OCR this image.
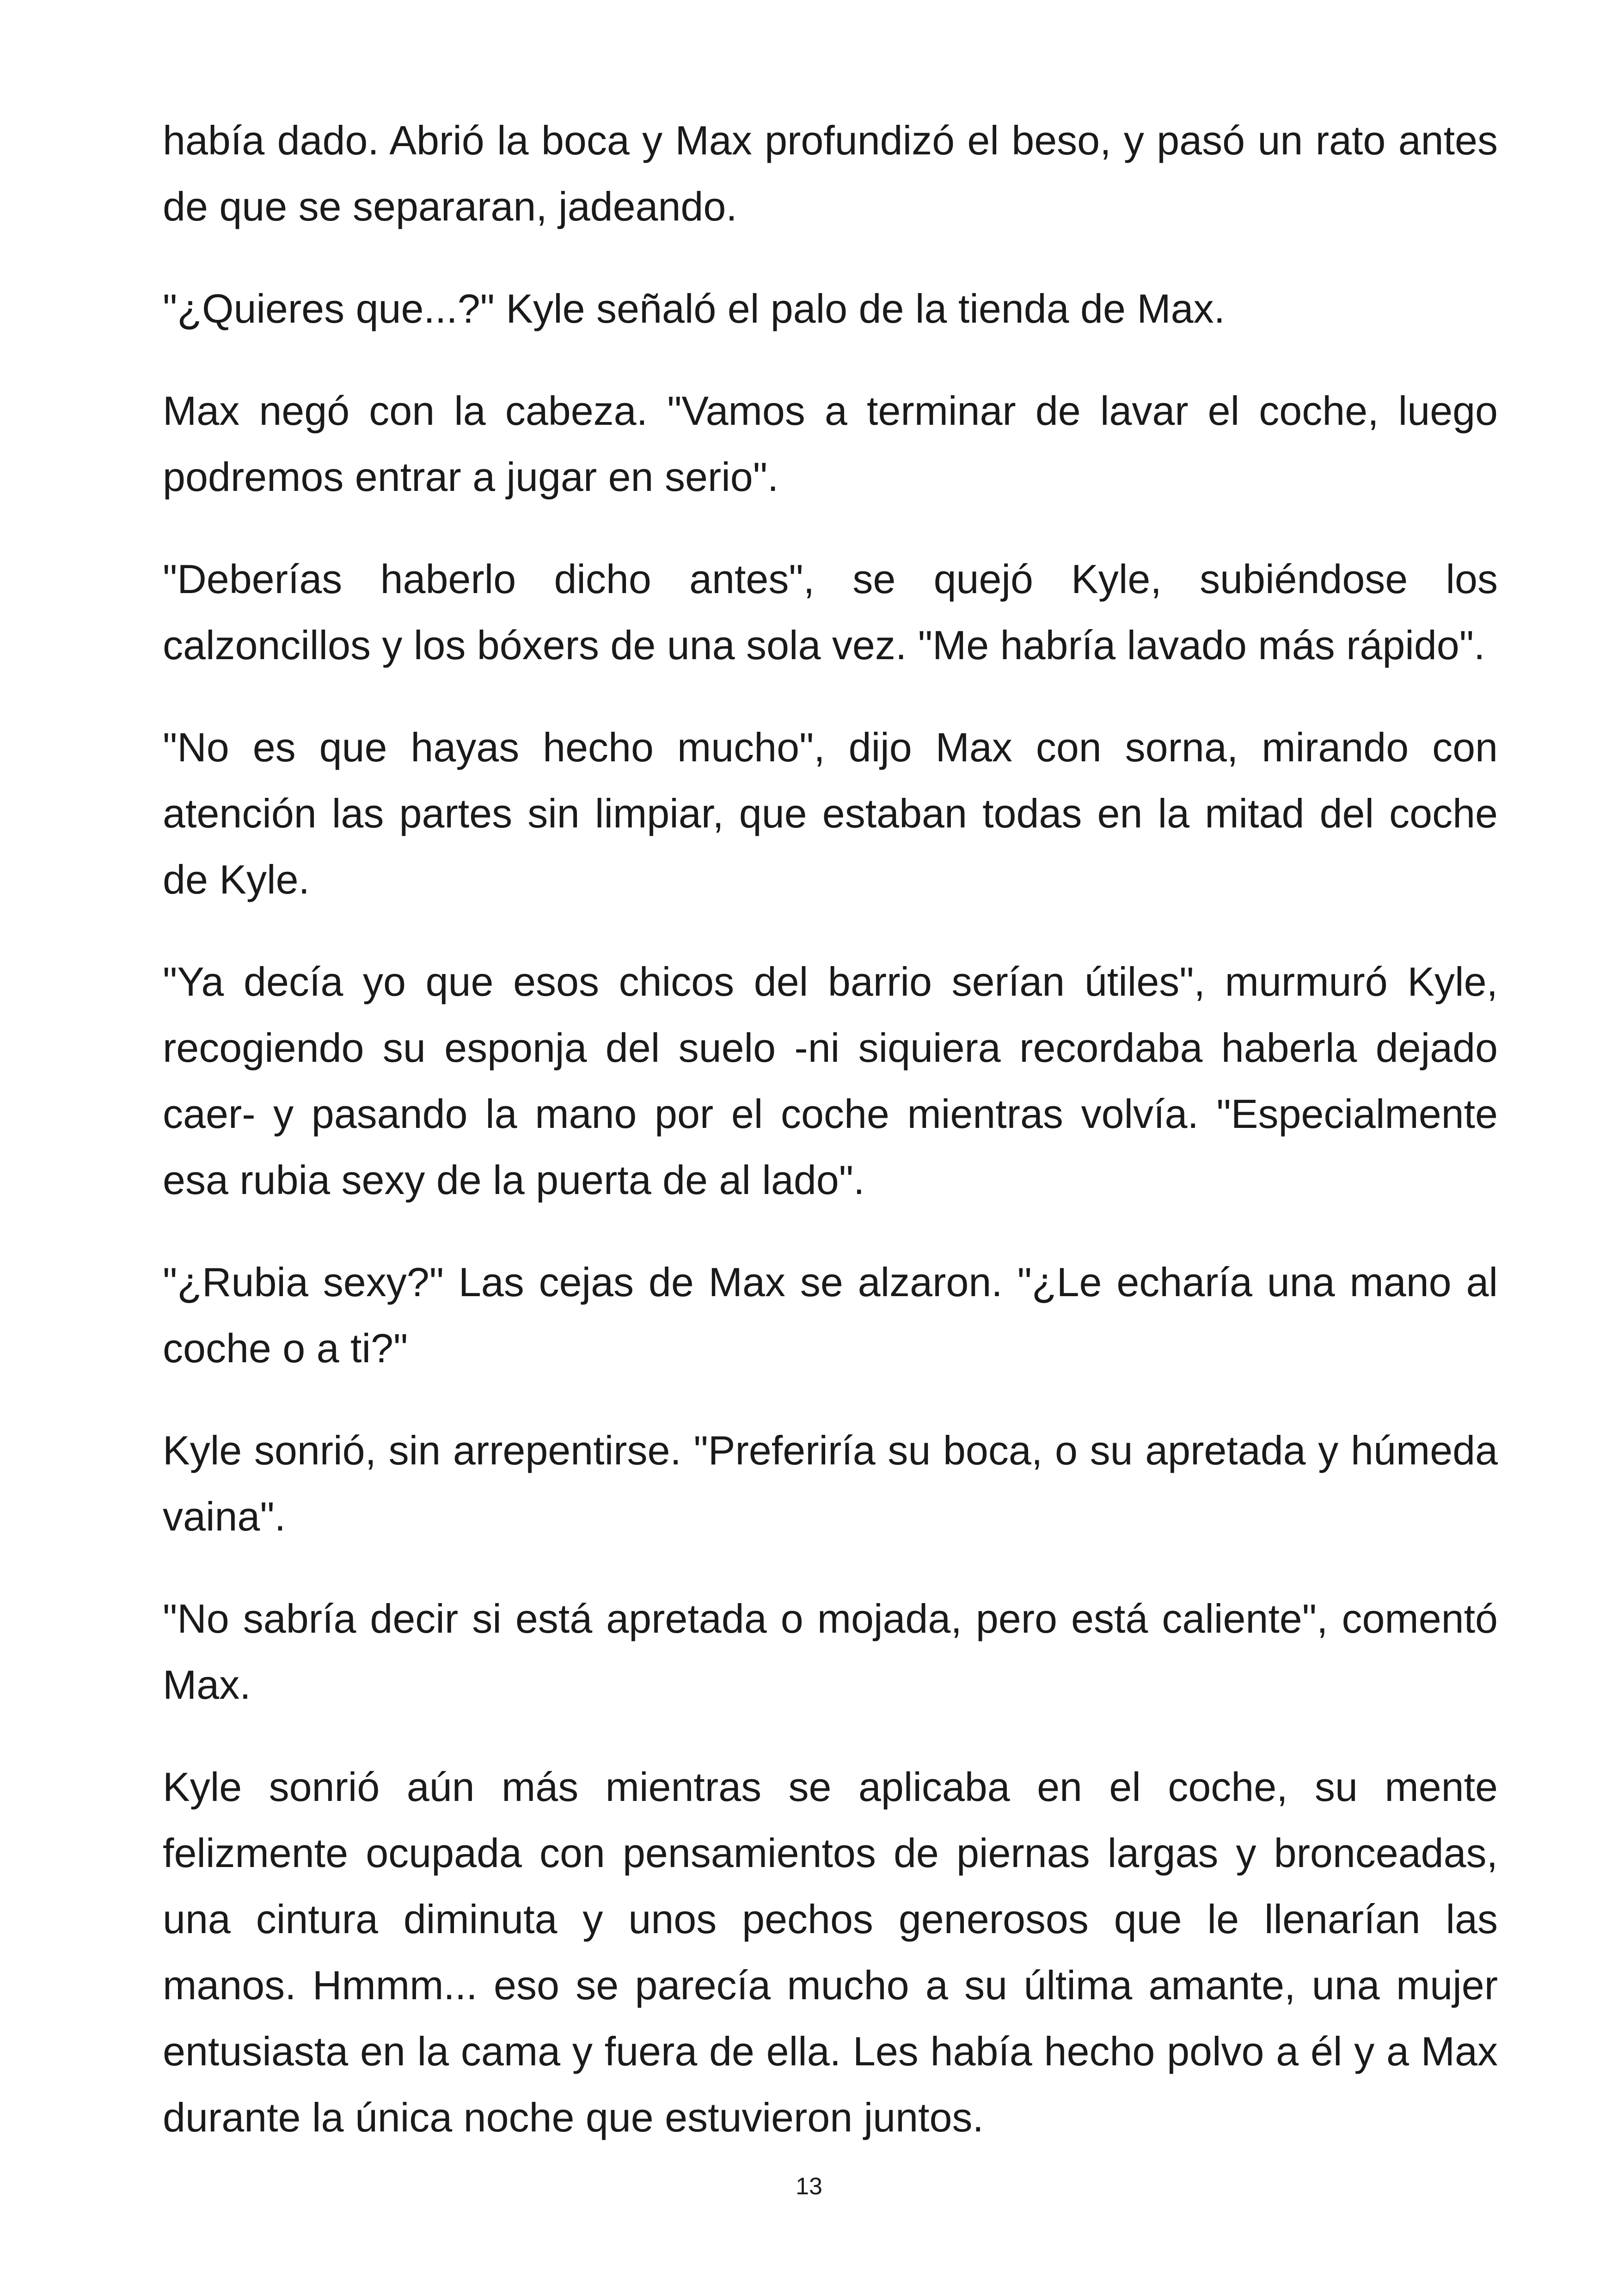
había dado. Abrió la boca y Max profundizó el beso, y pasó un rato antes de que se separaran, jadeando.

"¿Quieres que...?" Kyle señaló el palo de la tienda de Max.

Max negó con la cabeza. "Vamos a terminar de lavar el coche, luego podremos entrar a jugar en serio".

"Deberías haberlo dicho antes", se quejó Kyle, subiéndose los calzoncillos y los bóxers de una sola vez. "Me habría lavado más rápido".

"No es que hayas hecho mucho", dijo Max con sorna, mirando con atención las partes sin limpiar, que estaban todas en la mitad del coche de Kyle.

"Ya decía yo que esos chicos del barrio serían útiles", murmuró Kyle, recogiendo su esponja del suelo -ni siquiera recordaba haberla dejado caer- y pasando la mano por el coche mientras volvía. "Especialmente esa rubia sexy de la puerta de al lado".

"¿Rubia sexy?" Las cejas de Max se alzaron. "¿Le echaría una mano al coche o a ti?"

Kyle sonrió, sin arrepentirse. "Preferiría su boca, o su apretada y húmeda vaina".

"No sabría decir si está apretada o mojada, pero está caliente", comentó Max.

Kyle sonrió aún más mientras se aplicaba en el coche, su mente felizmente ocupada con pensamientos de piernas largas y bronceadas, una cintura diminuta y unos pechos generosos que le llenarían las manos. Hmmm... eso se parecía mucho a su última amante, una mujer entusiasta en la cama y fuera de ella. Les había hecho polvo a él y a Max durante la única noche que estuvieron juntos.

13
